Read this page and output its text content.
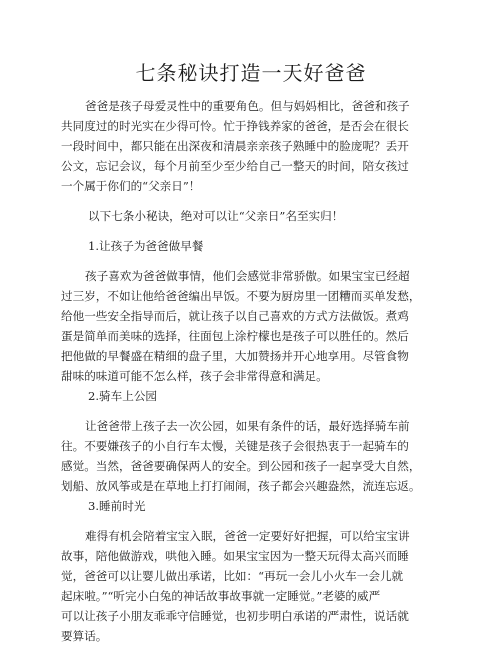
七条秘诀打造一天好爸爸
爸爸是孩子母爱灵性中的重要角色。但与妈妈相比，爸爸和孩子
共同度过的时光实在少得可怜。忙于挣钱养家的爸爸，是否会在很长
一段时间中，都只能在出深夜和清晨亲亲孩子熟睡中的脸庞呢？丢开
公文，忘记会议，每个月前至少至少给自己一整天的时间，陪女孩过
一个属于你们的“父亲日”！
以下七条小秘诀，绝对可以让“父亲日”名至实归！
1.让孩子为爸爸做早餐
孩子喜欢为爸爸做事情，他们会感觉非常骄傲。如果宝宝已经超
过三岁，不如让他给爸爸编出早饭。不要为厨房里一团糟而买单发愁，
给他一些安全指导而后，就让孩子以自己喜欢的方式方法做饭。煮鸡
蛋是简单而美味的选择，往面包上涂柠檬也是孩子可以胜任的。然后
把他做的早餐盛在精细的盘子里，大加赞扬并开心地享用。尽管食物
甜味的味道可能不怎么样，孩子会非常得意和满足。
2.骑车上公园
让爸爸带上孩子去一次公园，如果有条件的话，最好选择骑车前
往。不要嫌孩子的小自行车太慢，关键是孩子会很热衷于一起骑车的
感觉。当然，爸爸要确保两人的安全。到公园和孩子一起享受大自然，
划船、放风筝或是在草地上打打闹闹，孩子都会兴趣盎然，流连忘返。
3.睡前时光
难得有机会陪着宝宝入眠，爸爸一定要好好把握，可以给宝宝讲
故事，陪他做游戏，哄他入睡。如果宝宝因为一整天玩得太高兴而睡
觉，爸爸可以让婴儿做出承诺，比如：“再玩一会儿小火车一会儿就
起床啦。”“听完小白兔的神话故事故事就一定睡觉。”老婆的威严
可以让孩子小朋友乖乖守信睡觉，也初步明白承诺的严肃性，说话就
要算话。
